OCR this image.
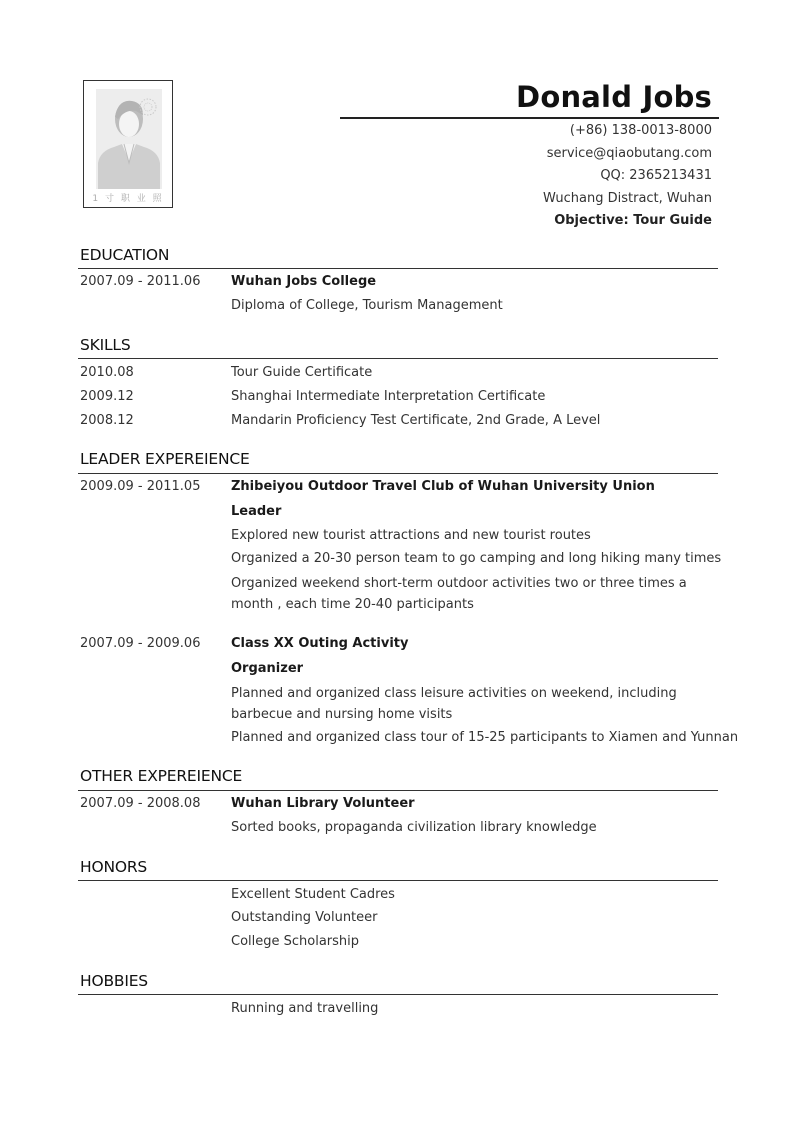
1 寸 职 业 照
Donald Jobs
(+86) 138-0013-8000
service@qiaobutang.com
QQ: 2365213431
Wuchang Distract, Wuhan
Objective: Tour Guide
EDUCATION
2007.09 - 2011.06 Wuhan Jobs College
Diploma of College, Tourism Management
SKILLS
2010.08	Tour Guide Certificate
2009.12	Shanghai Intermediate Interpretation Certificate
2008.12	Mandarin Proficiency Test Certificate, 2nd Grade, A Level
LEADER EXPEREIENCE
2009.09 - 2011.05 Zhibeiyou Outdoor Travel Club of Wuhan University Union
Leader
Explored new tourist attractions and new tourist routes
Organized a 20-30 person team to go camping and long hiking many times
Organized weekend short-term outdoor activities two or three times a month , each time 20-40 participants
2007.09 - 2009.06 Class XX Outing Activity
Organizer
Planned and organized class leisure activities on weekend, including barbecue and nursing home visits
Planned and organized class tour of 15-25 participants to Xiamen and Yunnan
OTHER EXPEREIENCE
2007.09 - 2008.08 Wuhan Library Volunteer
Sorted books, propaganda civilization library knowledge
HONORS
Excellent Student Cadres
Outstanding Volunteer
College Scholarship
HOBBIES
Running and travelling
